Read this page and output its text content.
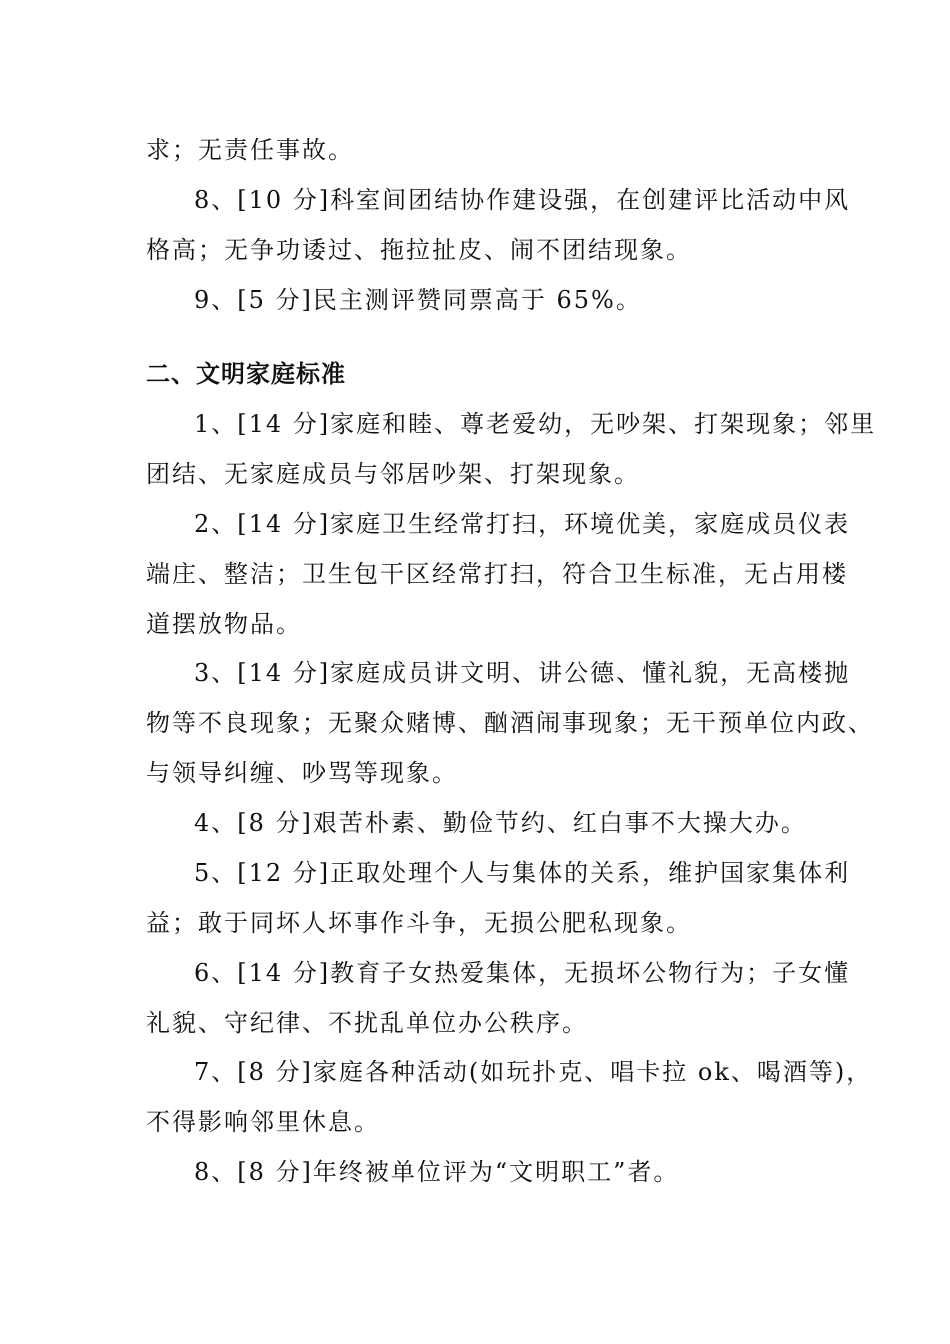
求；无责任事故。
8、[10 分]科室间团结协作建设强，在创建评比活动中风
格高；无争功诿过、拖拉扯皮、闹不团结现象。
9、[5 分]民主测评赞同票高于 65%。
二、文明家庭标准
1、[14 分]家庭和睦、尊老爱幼，无吵架、打架现象；邻里
团结、无家庭成员与邻居吵架、打架现象。
2、[14 分]家庭卫生经常打扫，环境优美，家庭成员仪表
端庄、整洁；卫生包干区经常打扫，符合卫生标准，无占用楼
道摆放物品。
3、[14 分]家庭成员讲文明、讲公德、懂礼貌，无高楼抛
物等不良现象；无聚众赌博、酗酒闹事现象；无干预单位内政、
与领导纠缠、吵骂等现象。
4、[8 分]艰苦朴素、勤俭节约、红白事不大操大办。
5、[12 分]正取处理个人与集体的关系，维护国家集体利
益；敢于同坏人坏事作斗争，无损公肥私现象。
6、[14 分]教育子女热爱集体，无损坏公物行为；子女懂
礼貌、守纪律、不扰乱单位办公秩序。
7、[8 分]家庭各种活动(如玩扑克、唱卡拉 ok、喝酒等)，
不得影响邻里休息。
8、[8 分]年终被单位评为“文明职工”者。
